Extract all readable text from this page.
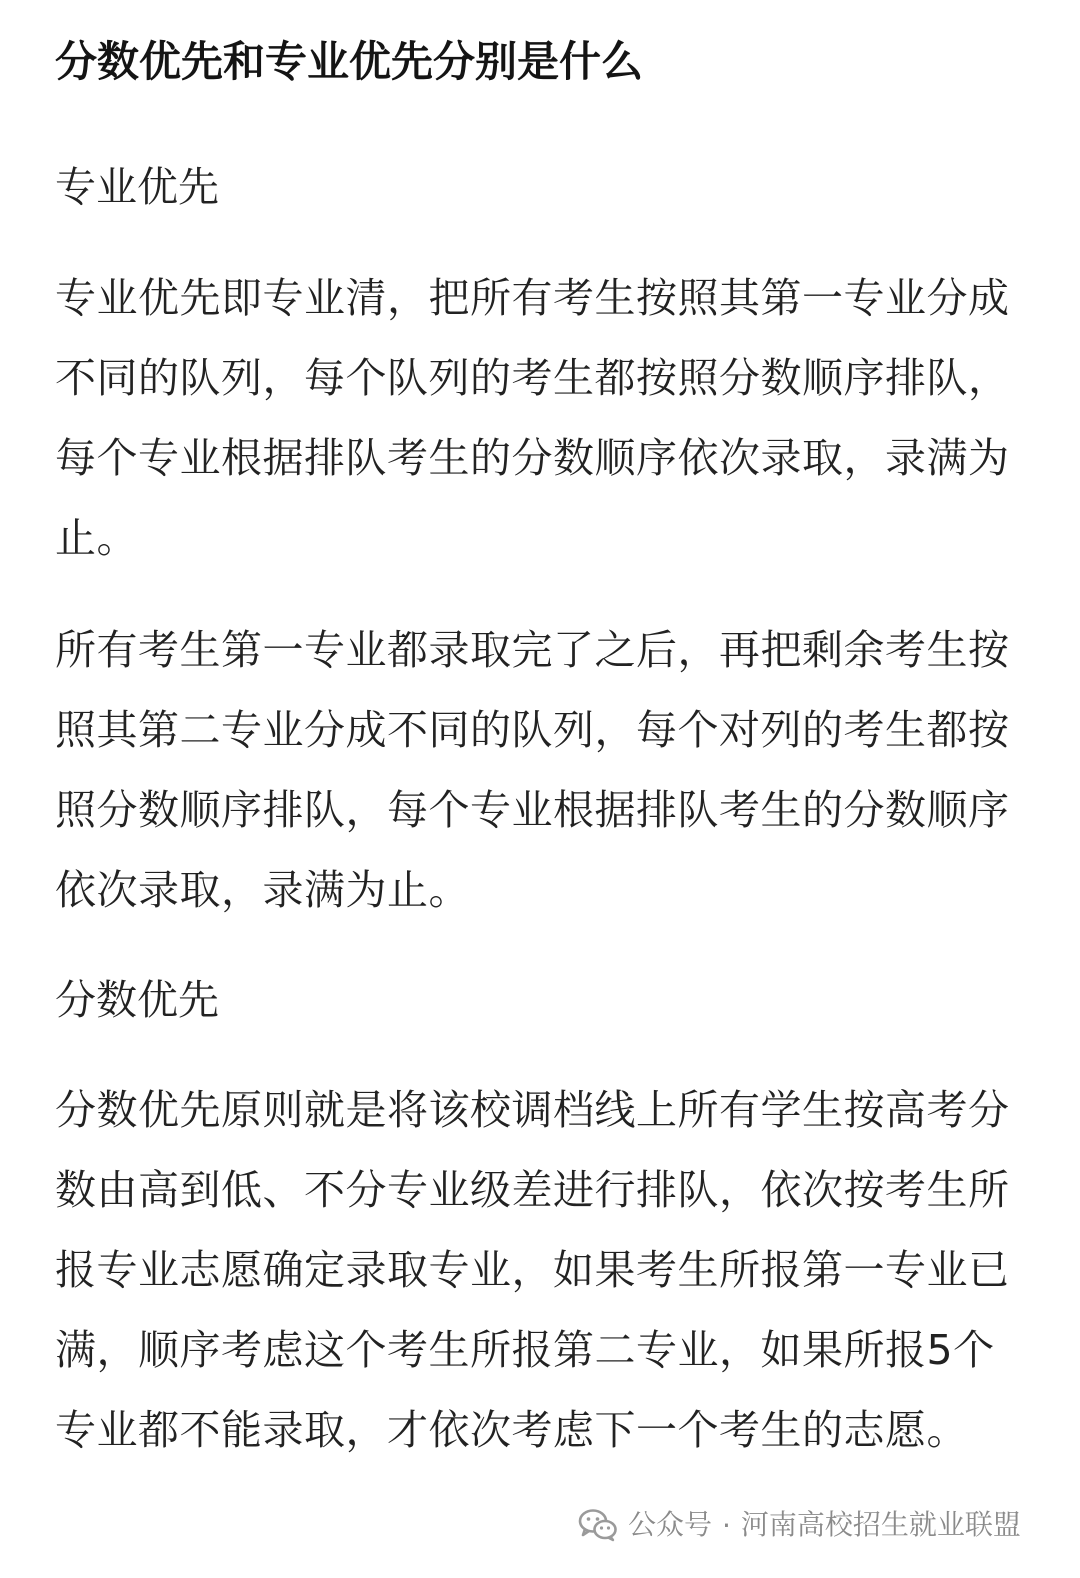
分数优先和专业优先分别是什么
专业优先

专业优先即专业清，把所有考生按照其第一专业分成不同的队列，每个队列的考生都按照分数顺序排队，每个专业根据排队考生的分数顺序依次录取，录满为止。

所有考生第一专业都录取完了之后，再把剩余考生按照其第二专业分成不同的队列，每个对列的考生都按照分数顺序排队，每个专业根据排队考生的分数顺序依次录取，录满为止。

分数优先

分数优先原则就是将该校调档线上所有学生按高考分数由高到低、不分专业级差进行排队，依次按考生所报专业志愿确定录取专业，如果考生所报第一专业已满，顺序考虑这个考生所报第二专业，如果所报5个专业都不能录取，才依次考虑下一个考生的志愿。

公众号 · 河南高校招生就业联盟
